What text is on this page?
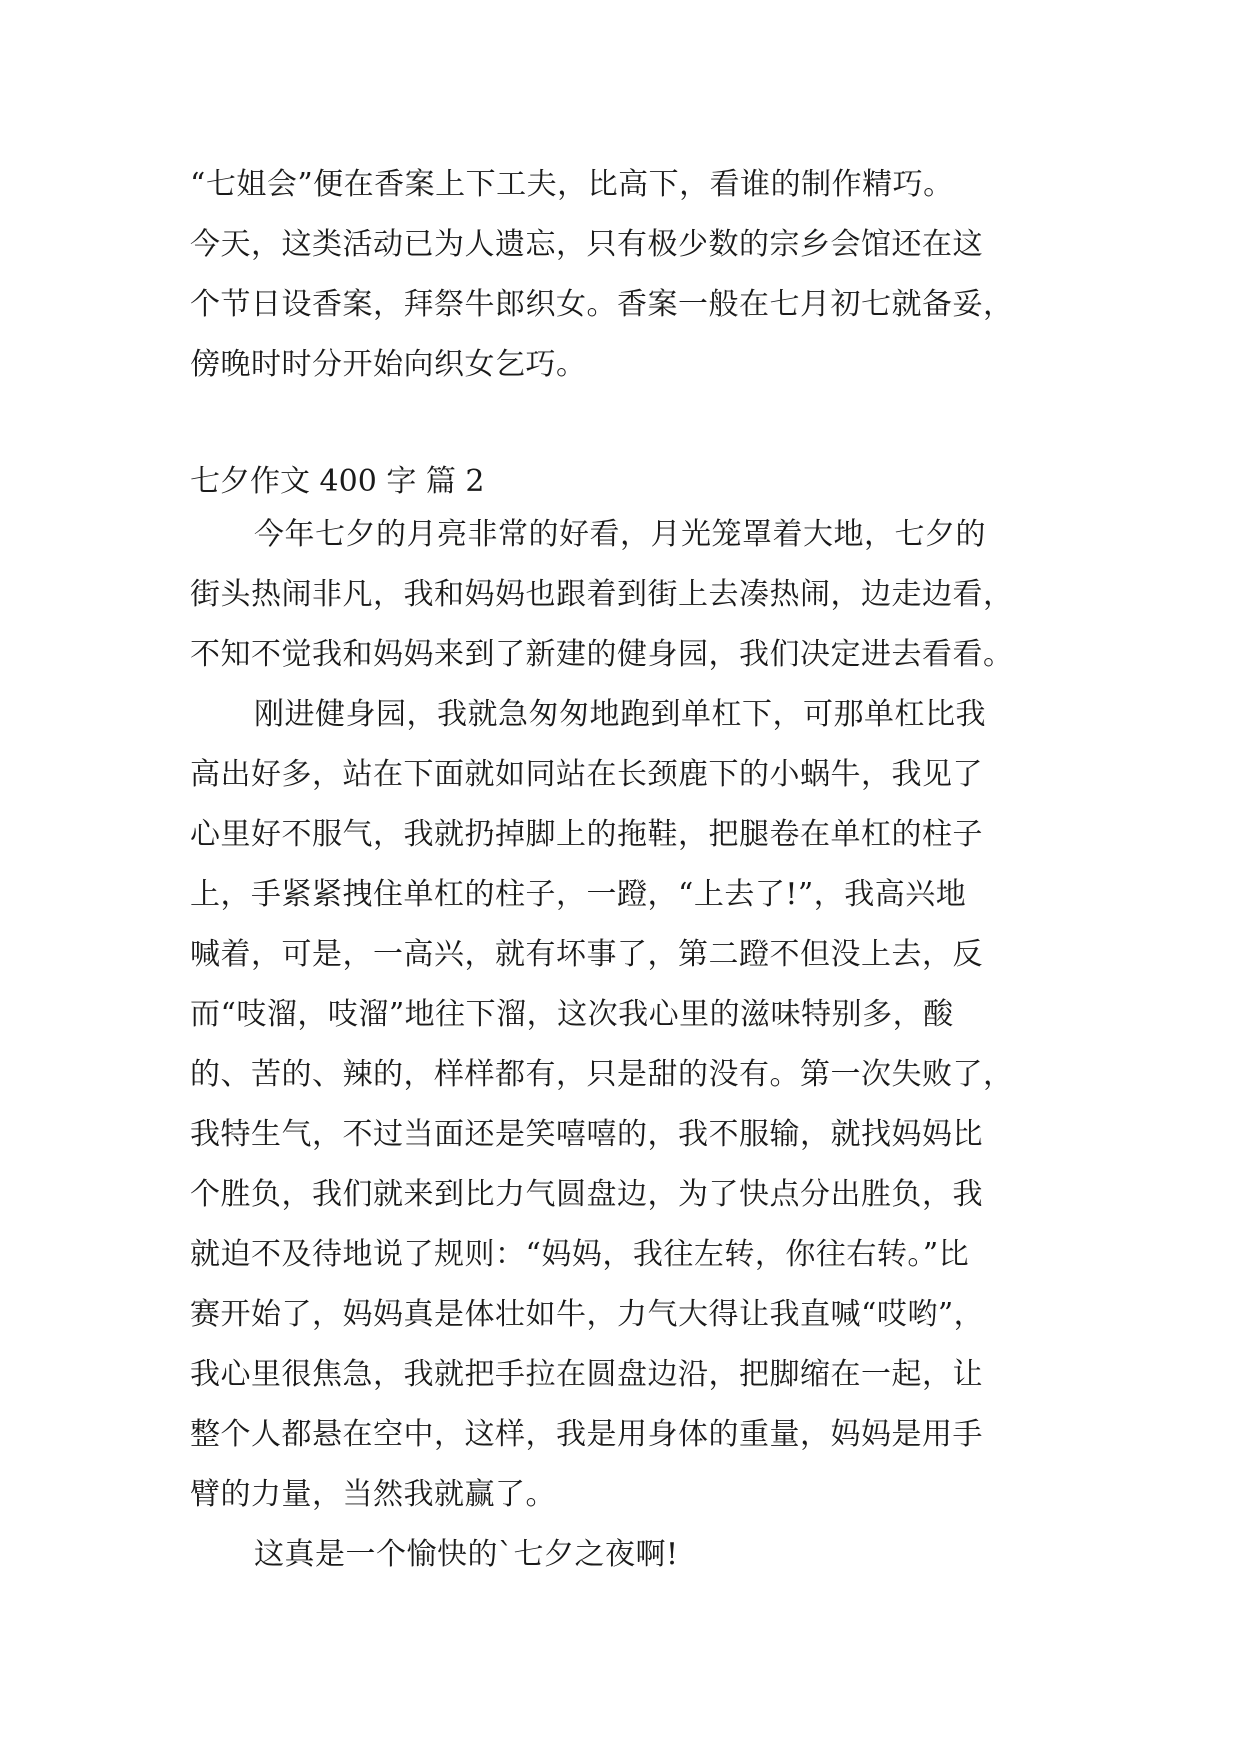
“七姐会”便在香案上下工夫，比高下，看谁的制作精巧。
今天，这类活动已为人遗忘，只有极少数的宗乡会馆还在这
个节日设香案，拜祭牛郎织女。香案一般在七月初七就备妥，
傍晚时时分开始向织女乞巧。
七夕作文 400 字 篇 2
今年七夕的月亮非常的好看，月光笼罩着大地，七夕的
街头热闹非凡，我和妈妈也跟着到街上去凑热闹，边走边看，
不知不觉我和妈妈来到了新建的健身园，我们决定进去看看。
刚进健身园，我就急匆匆地跑到单杠下，可那单杠比我
高出好多，站在下面就如同站在长颈鹿下的小蜗牛，我见了
心里好不服气，我就扔掉脚上的拖鞋，把腿卷在单杠的柱子
上，手紧紧拽住单杠的柱子，一蹬，“上去了!”，我高兴地
喊着，可是，一高兴，就有坏事了，第二蹬不但没上去，反
而“吱溜，吱溜”地往下溜，这次我心里的滋味特别多，酸
的、苦的、辣的，样样都有，只是甜的没有。第一次失败了，
我特生气，不过当面还是笑嘻嘻的，我不服输，就找妈妈比
个胜负，我们就来到比力气圆盘边，为了快点分出胜负，我
就迫不及待地说了规则：“妈妈，我往左转，你往右转。”比
赛开始了，妈妈真是体壮如牛，力气大得让我直喊“哎哟”，
我心里很焦急，我就把手拉在圆盘边沿，把脚缩在一起，让
整个人都悬在空中，这样，我是用身体的重量，妈妈是用手
臂的力量，当然我就赢了。
这真是一个愉快的`七夕之夜啊!
